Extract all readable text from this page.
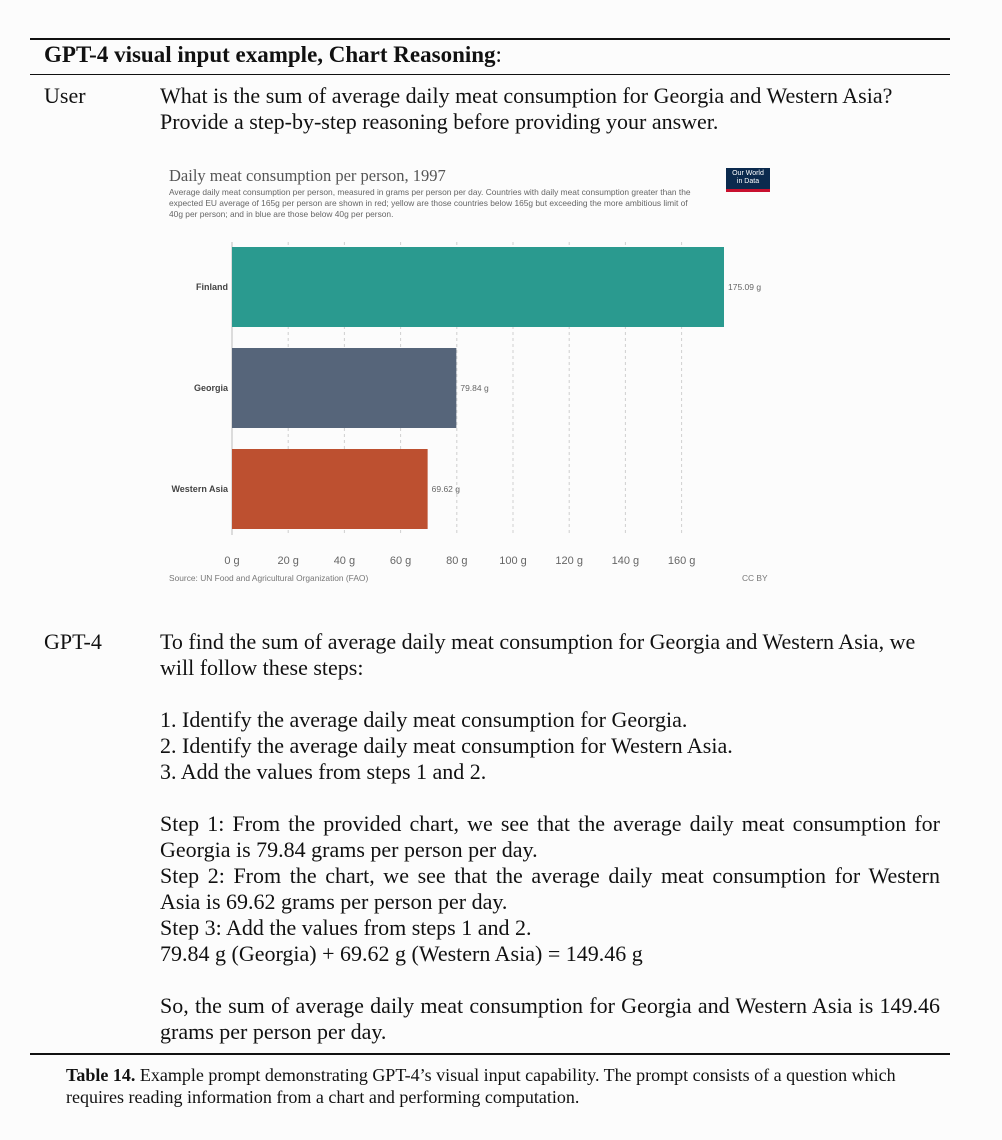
GPT-4 visual input example, Chart Reasoning:
User	What is the sum of average daily meat consumption for Georgia and Western Asia? Provide a step-by-step reasoning before providing your answer.
Daily meat consumption per person, 1997
Average daily meat consumption per person, measured in grams per person per day. Countries with daily meat consumption greater than the expected EU average of 165g per person are shown in red; yellow are those countries below 165g but exceeding the more ambitious limit of 40g per person; and in blue are those below 40g per person.
Our World
in Data
0 g	20 g	40 g	60 g	80 g	100 g	120 g	140 g	160 g
Finland	175.09 g
Georgia	79.84 g
Western Asia	69.62 g
Source: UN Food and Agricultural Organization (FAO)	CC BY
GPT-4	To find the sum of average daily meat consumption for Georgia and Western Asia, we will follow these steps:

1. Identify the average daily meat consumption for Georgia.

2. Identify the average daily meat consumption for Western Asia.

3. Add the values from steps 1 and 2.

Step 1: From the provided chart, we see that the average daily meat consumption for Georgia is 79.84 grams per person per day.

Step 2: From the chart, we see that the average daily meat consumption for Western Asia is 69.62 grams per person per day.

Step 3: Add the values from steps 1 and 2.

79.84 g (Georgia) + 69.62 g (Western Asia) = 149.46 g

So, the sum of average daily meat consumption for Georgia and Western Asia is 149.46 grams per person per day.

Table 14. Example prompt demonstrating GPT-4’s visual input capability. The prompt consists of a question which requires reading information from a chart and performing computation.
